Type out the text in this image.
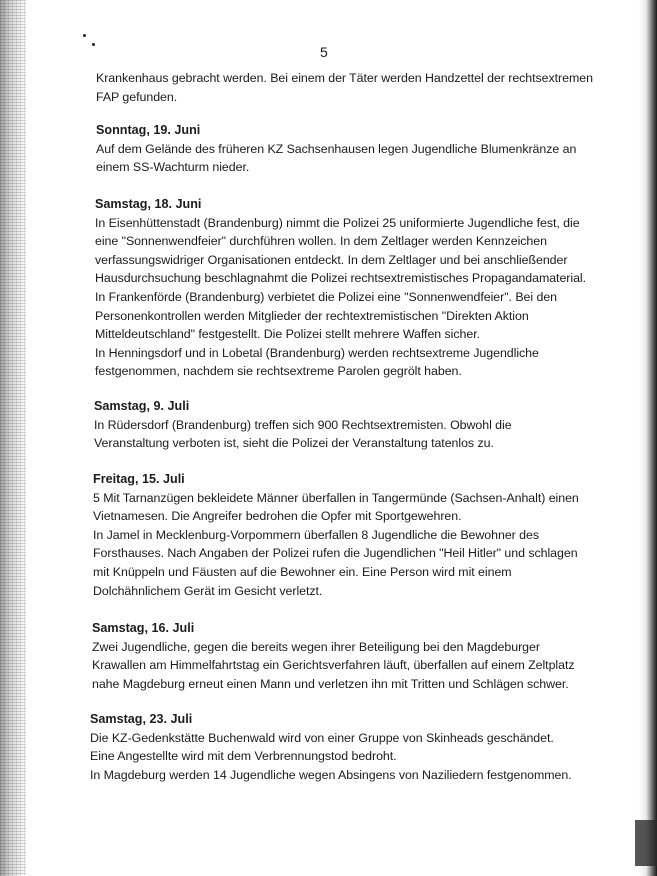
5
Krankenhaus gebracht werden. Bei einem der Täter werden Handzettel der rechtsextremen
FAP gefunden.
Sonntag, 19. Juni
Auf dem Gelände des früheren KZ Sachsenhausen legen Jugendliche Blumenkränze an
einem SS-Wachturm nieder.
Samstag, 18. Juni
In Eisenhüttenstadt (Brandenburg) nimmt die Polizei 25 uniformierte Jugendliche fest, die
eine "Sonnenwendfeier" durchführen wollen. In dem Zeltlager werden Kennzeichen
verfassungswidriger Organisationen entdeckt. In dem Zeltlager und bei anschließender
Hausdurchsuchung beschlagnahmt die Polizei rechtsextremistisches Propagandamaterial.
In Frankenförde (Brandenburg) verbietet die Polizei eine "Sonnenwendfeier". Bei den
Personenkontrollen werden Mitglieder der rechtextremistischen "Direkten Aktion
Mitteldeutschland" festgestellt. Die Polizei stellt mehrere Waffen sicher.
In Henningsdorf und in Lobetal (Brandenburg) werden rechtsextreme Jugendliche
festgenommen, nachdem sie rechtsextreme Parolen gegrölt haben.
Samstag, 9. Juli
In Rüdersdorf (Brandenburg) treffen sich 900 Rechtsextremisten. Obwohl die
Veranstaltung verboten ist, sieht die Polizei der Veranstaltung tatenlos zu.
Freitag, 15. Juli
5 Mit Tarnanzügen bekleidete Männer überfallen in Tangermünde (Sachsen-Anhalt) einen
Vietnamesen. Die Angreifer bedrohen die Opfer mit Sportgewehren.
In Jamel in Mecklenburg-Vorpommern überfallen 8 Jugendliche die Bewohner des
Forsthauses. Nach Angaben der Polizei rufen die Jugendlichen "Heil Hitler" und schlagen
mit Knüppeln und Fäusten auf die Bewohner ein. Eine Person wird mit einem
Dolchähnlichem Gerät im Gesicht verletzt.
Samstag, 16. Juli
Zwei Jugendliche, gegen die bereits wegen ihrer Beteiligung bei den Magdeburger
Krawallen am Himmelfahrtstag ein Gerichtsverfahren läuft, überfallen auf einem Zeltplatz
nahe Magdeburg erneut einen Mann und verletzen ihn mit Tritten und Schlägen schwer.
Samstag, 23. Juli
Die KZ-Gedenkstätte Buchenwald wird von einer Gruppe von Skinheads geschändet.
Eine Angestellte wird mit dem Verbrennungstod bedroht.
In Magdeburg werden 14 Jugendliche wegen Absingens von Naziliedern festgenommen.
